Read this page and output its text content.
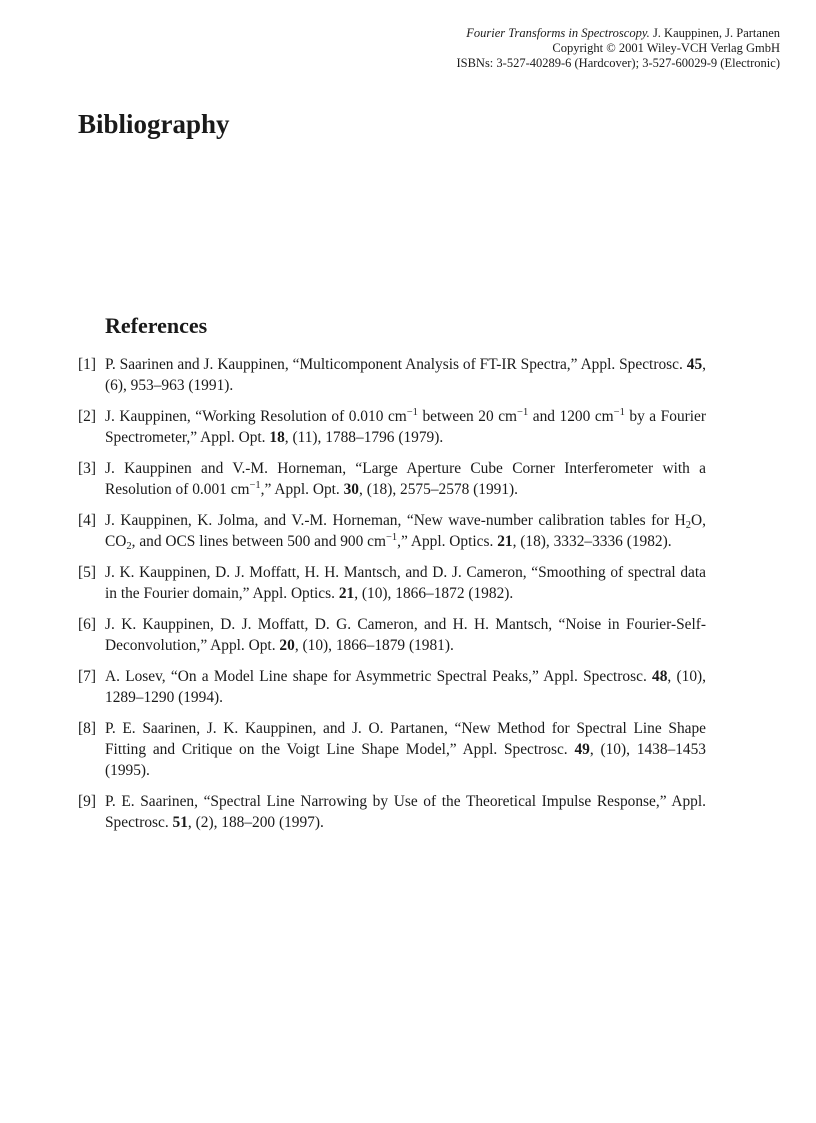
Fourier Transforms in Spectroscopy. J. Kauppinen, J. Partanen
Copyright © 2001 Wiley-VCH Verlag GmbH
ISBNs: 3-527-40289-6 (Hardcover); 3-527-60029-9 (Electronic)
Bibliography
References
[1] P. Saarinen and J. Kauppinen, “Multicomponent Analysis of FT-IR Spectra,” Appl. Spectrosc. 45, (6), 953–963 (1991).
[2] J. Kauppinen, “Working Resolution of 0.010 $cm^{-1}$ between 20 $cm^{-1}$ and 1200 $cm^{-1}$ by a Fourier Spectrometer,” Appl. Opt. 18, (11), 1788–1796 (1979).
[3] J. Kauppinen and V.-M. Horneman, “Large Aperture Cube Corner Interferometer with a Resolution of 0.001 $cm^{-1}$,” Appl. Opt. 30, (18), 2575–2578 (1991).
[4] J. Kauppinen, K. Jolma, and V.-M. Horneman, “New wave-number calibration tables for $H_2O$, $CO_2$, and OCS lines between 500 and 900 $cm^{-1}$,” Appl. Optics. 21, (18), 3332–3336 (1982).
[5] J. K. Kauppinen, D. J. Moffatt, H. H. Mantsch, and D. J. Cameron, “Smoothing of spectral data in the Fourier domain,” Appl. Optics. 21, (10), 1866–1872 (1982).
[6] J. K. Kauppinen, D. J. Moffatt, D. G. Cameron, and H. H. Mantsch, “Noise in Fourier-Self-Deconvolution,” Appl. Opt. 20, (10), 1866–1879 (1981).
[7] A. Losev, “On a Model Line shape for Asymmetric Spectral Peaks,” Appl. Spectrosc. 48, (10), 1289–1290 (1994).
[8] P. E. Saarinen, J. K. Kauppinen, and J. O. Partanen, “New Method for Spectral Line Shape Fitting and Critique on the Voigt Line Shape Model,” Appl. Spectrosc. 49, (10), 1438–1453 (1995).
[9] P. E. Saarinen, “Spectral Line Narrowing by Use of the Theoretical Impulse Response,” Appl. Spectrosc. 51, (2), 188–200 (1997).
